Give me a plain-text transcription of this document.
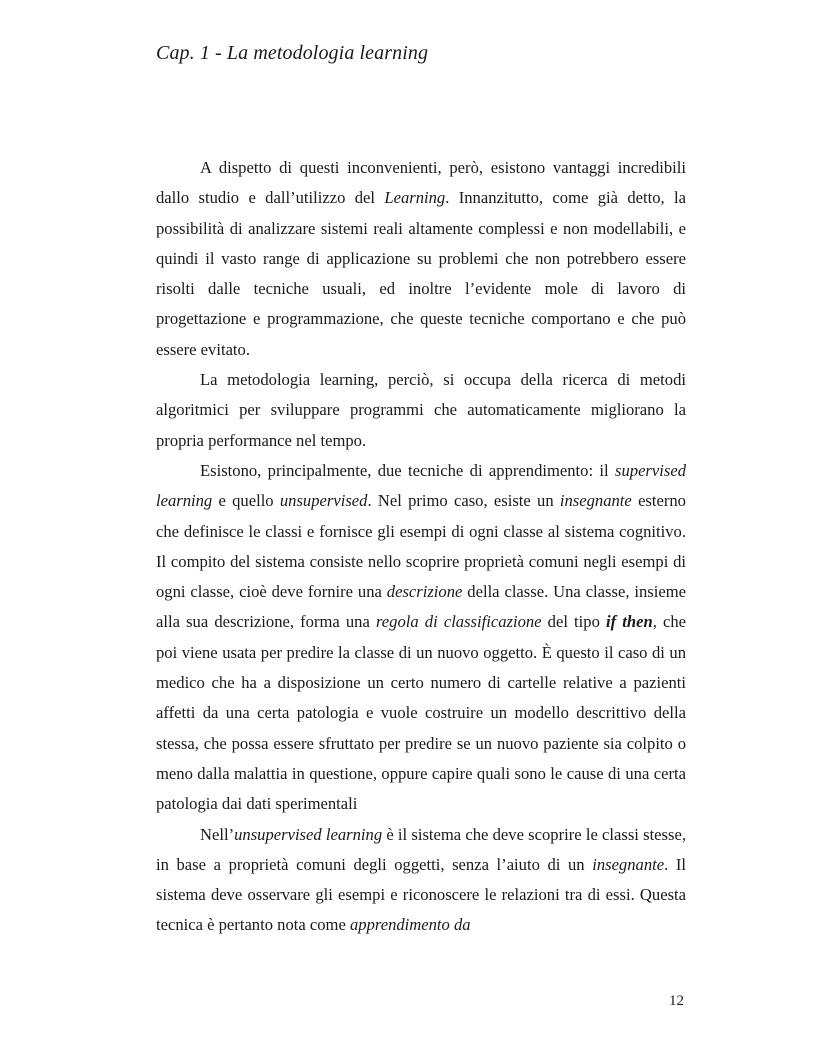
Cap. 1 - La metodologia learning

A dispetto di questi inconvenienti, però, esistono vantaggi incredibili dallo studio e dall’utilizzo del Learning. Innanzitutto, come già detto, la possibilità di analizzare sistemi reali altamente complessi e non modellabili, e quindi il vasto range di applicazione su problemi che non potrebbero essere risolti dalle tecniche usuali, ed inoltre l’evidente mole di lavoro di progettazione e programmazione, che queste tecniche comportano e che può essere evitato.

La metodologia learning, perciò, si occupa della ricerca di metodi algoritmici per sviluppare programmi che automaticamente migliorano la propria performance nel tempo.

Esistono, principalmente, due tecniche di apprendimento: il supervised learning e quello unsupervised. Nel primo caso, esiste un insegnante esterno che definisce le classi e fornisce gli esempi di ogni classe al sistema cognitivo. Il compito del sistema consiste nello scoprire proprietà comuni negli esempi di ogni classe, cioè deve fornire una descrizione della classe. Una classe, insieme alla sua descrizione, forma una regola di classificazione del tipo if then, che poi viene usata per predire la classe di un nuovo oggetto. È questo il caso di un medico che ha a disposizione un certo numero di cartelle relative a pazienti affetti da una certa patologia e vuole costruire un modello descrittivo della stessa, che possa essere sfruttato per predire se un nuovo paziente sia colpito o meno dalla malattia in questione, oppure capire quali sono le cause di una certa patologia dai dati sperimentali

Nell’unsupervised learning è il sistema che deve scoprire le classi stesse, in base a proprietà comuni degli oggetti, senza l’aiuto di un insegnante. Il sistema deve osservare gli esempi e riconoscere le relazioni tra di essi. Questa tecnica è pertanto nota come apprendimento da

12
